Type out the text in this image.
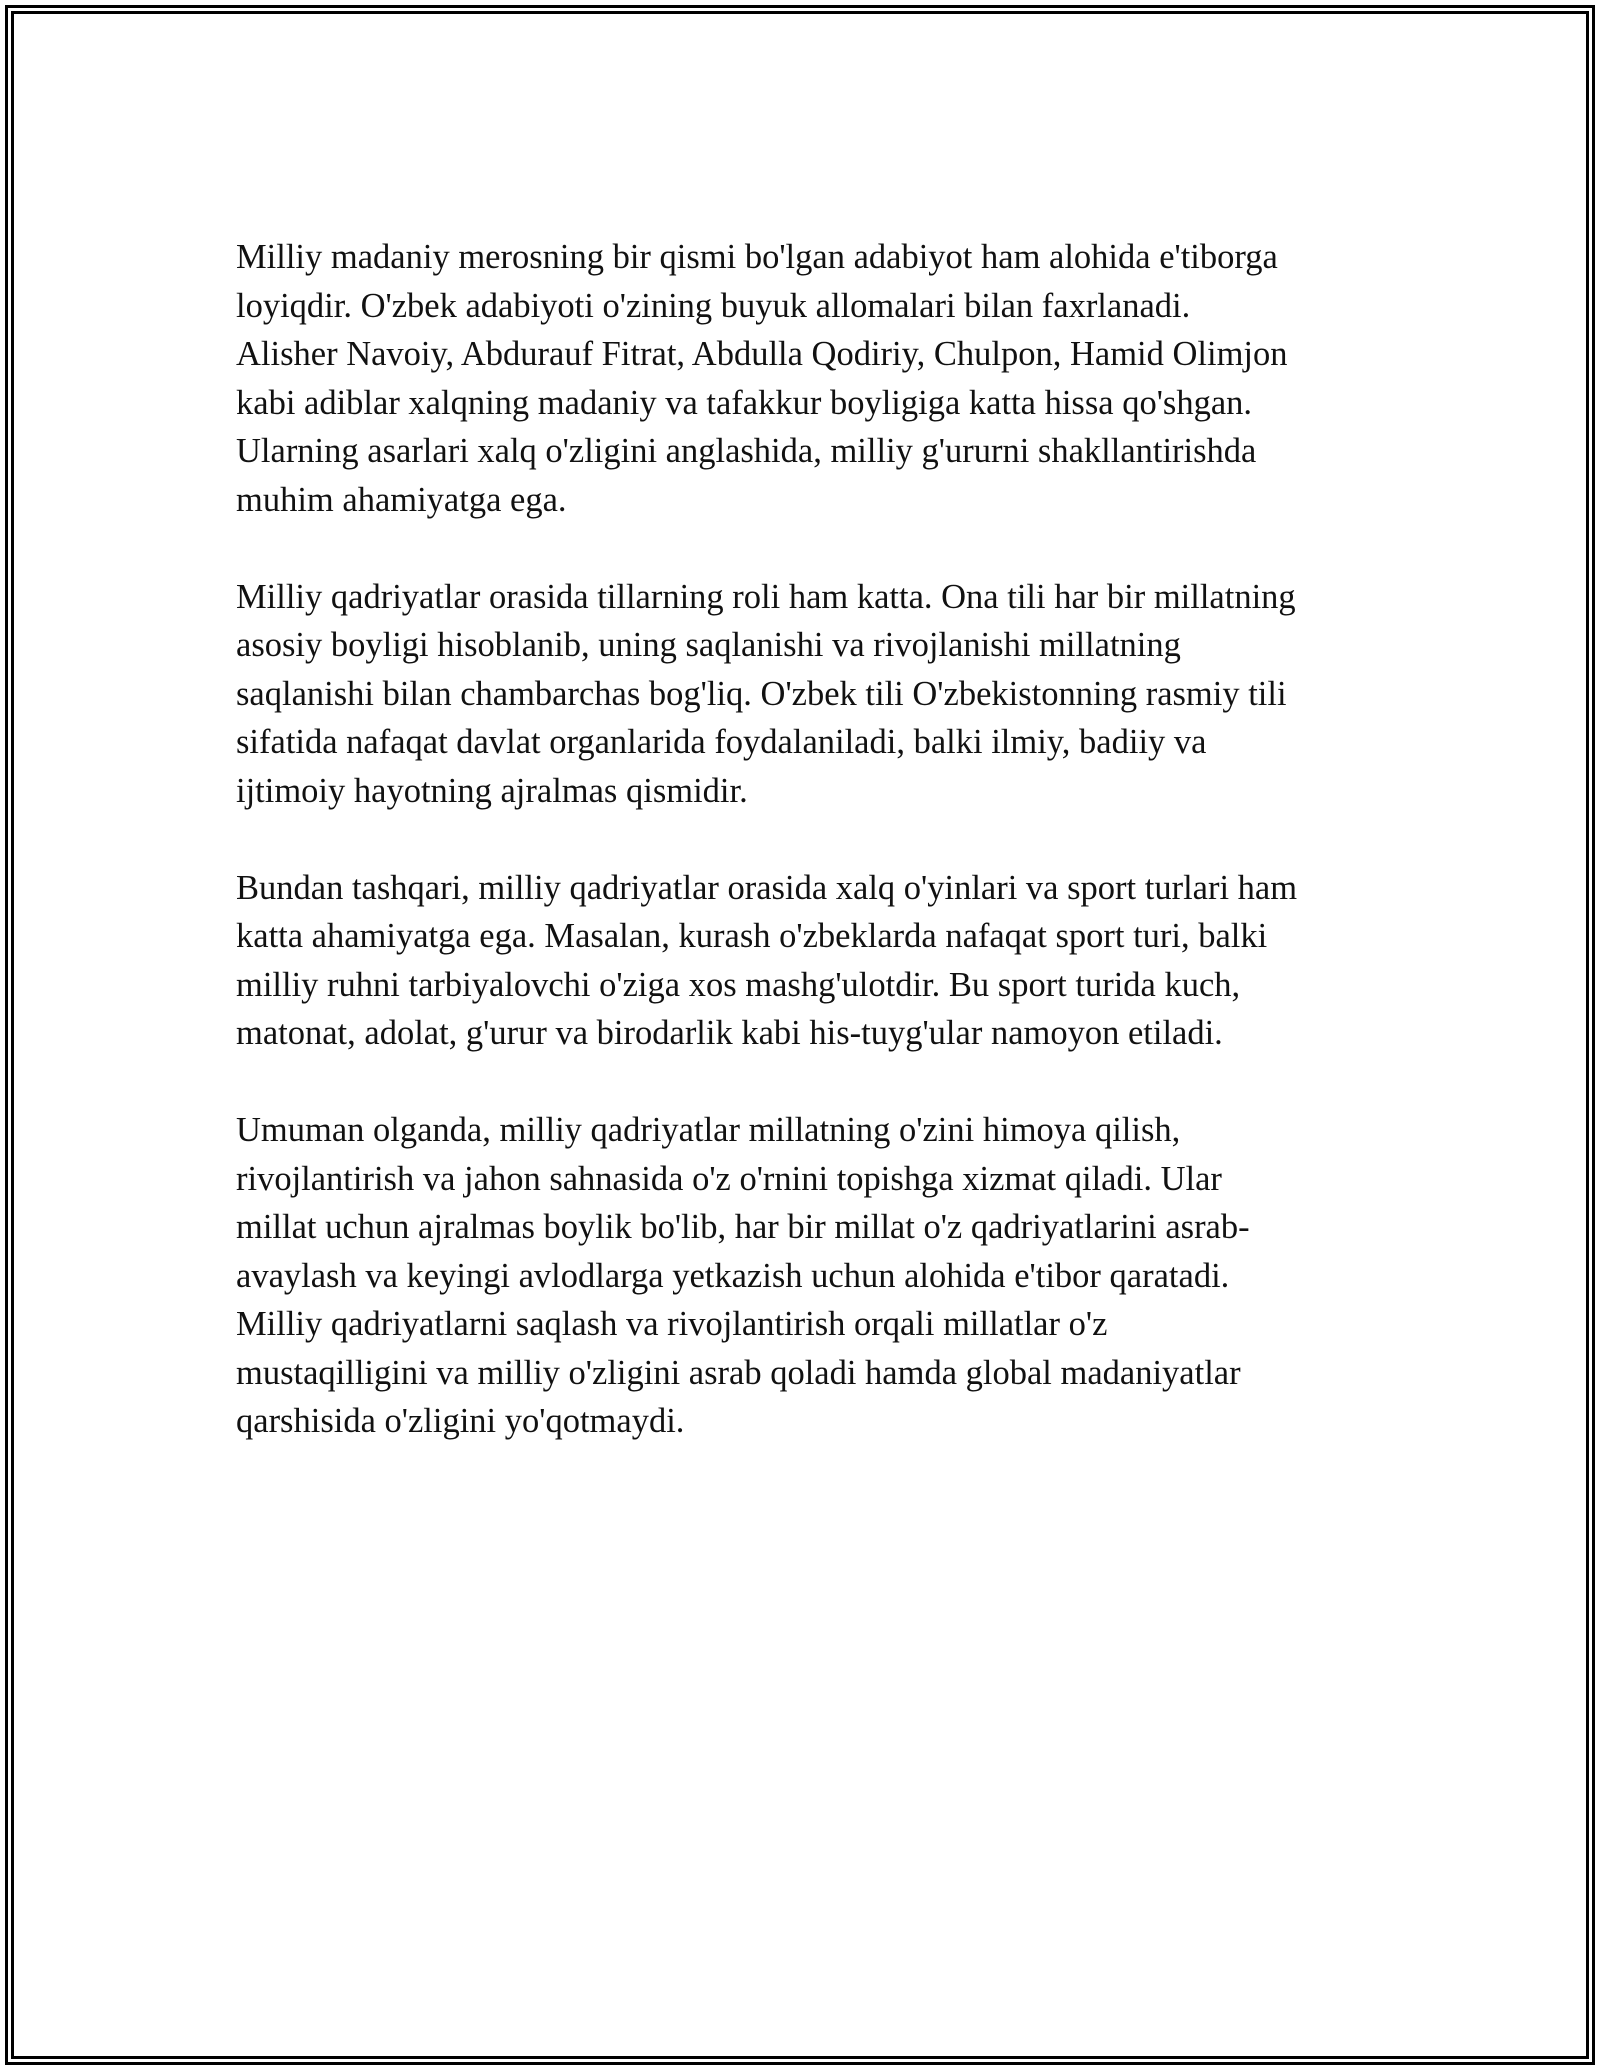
Milliy madaniy merosning bir qismi bo'lgan adabiyot ham alohida e'tiborga
loyiqdir. O'zbek adabiyoti o'zining buyuk allomalari bilan faxrlanadi.
Alisher Navoiy, Abdurauf Fitrat, Abdulla Qodiriy, Chulpon, Hamid Olimjon
kabi adiblar xalqning madaniy va tafakkur boyligiga katta hissa qo'shgan.
Ularning asarlari xalq o'zligini anglashida, milliy g'ururni shakllantirishda
muhim ahamiyatga ega.

Milliy qadriyatlar orasida tillarning roli ham katta. Ona tili har bir millatning
asosiy boyligi hisoblanib, uning saqlanishi va rivojlanishi millatning
saqlanishi bilan chambarchas bog'liq. O'zbek tili O'zbekistonning rasmiy tili
sifatida nafaqat davlat organlarida foydalaniladi, balki ilmiy, badiiy va
ijtimoiy hayotning ajralmas qismidir.

Bundan tashqari, milliy qadriyatlar orasida xalq o'yinlari va sport turlari ham
katta ahamiyatga ega. Masalan, kurash o'zbeklarda nafaqat sport turi, balki
milliy ruhni tarbiyalovchi o'ziga xos mashg'ulotdir. Bu sport turida kuch,
matonat, adolat, g'urur va birodarlik kabi his-tuyg'ular namoyon etiladi.

Umuman olganda, milliy qadriyatlar millatning o'zini himoya qilish,
rivojlantirish va jahon sahnasida o'z o'rnini topishga xizmat qiladi. Ular
millat uchun ajralmas boylik bo'lib, har bir millat o'z qadriyatlarini asrab-
avaylash va keyingi avlodlarga yetkazish uchun alohida e'tibor qaratadi.
Milliy qadriyatlarni saqlash va rivojlantirish orqali millatlar o'z
mustaqilligini va milliy o'zligini asrab qoladi hamda global madaniyatlar
qarshisida o'zligini yo'qotmaydi.
